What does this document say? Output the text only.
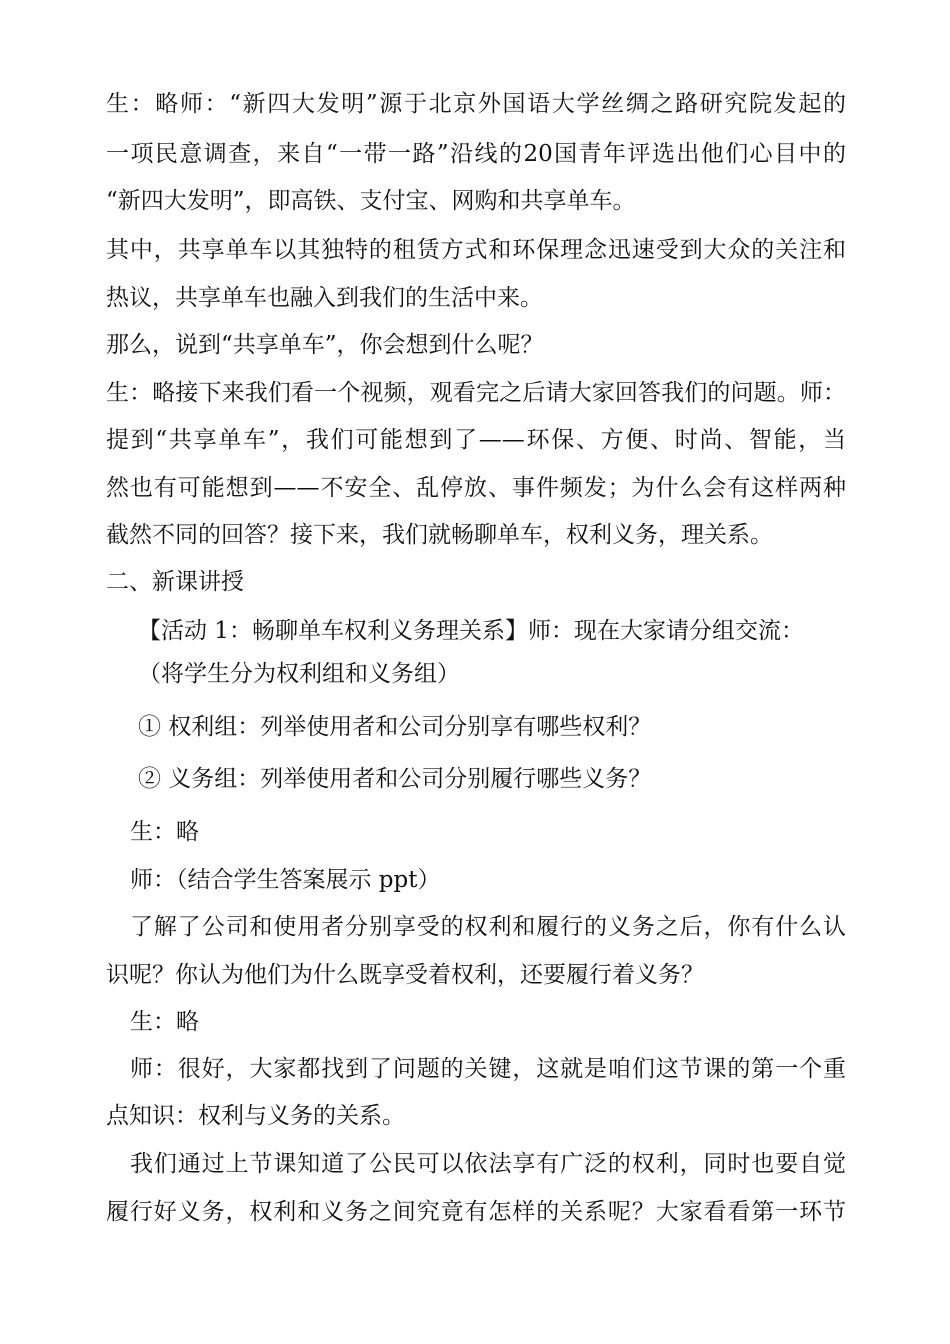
生：略师：“新四大发明”源于北京外国语大学丝绸之路研究院发起的
一项民意调查，来自“一带一路”沿线的20国青年评选出他们心目中的
“新四大发明”，即高铁、支付宝、网购和共享单车。
其中，共享单车以其独特的租赁方式和环保理念迅速受到大众的关注和
热议，共享单车也融入到我们的生活中来。
那么，说到“共享单车”，你会想到什么呢？
生：略接下来我们看一个视频，观看完之后请大家回答我们的问题。师：
提到“共享单车”，我们可能想到了——环保、方便、时尚、智能，当
然也有可能想到——不安全、乱停放、事件频发；为什么会有这样两种
截然不同的回答？接下来，我们就畅聊单车，权利义务，理关系。
二、新课讲授
【活动 1：畅聊单车权利义务理关系】师：现在大家请分组交流：
（将学生分为权利组和义务组）
① 权利组：列举使用者和公司分别享有哪些权利？
② 义务组：列举使用者和公司分别履行哪些义务？
生：略
师：（结合学生答案展示 ppt）
了解了公司和使用者分别享受的权利和履行的义务之后，你有什么认
识呢？你认为他们为什么既享受着权利，还要履行着义务？
生：略
师：很好，大家都找到了问题的关键，这就是咱们这节课的第一个重
点知识：权利与义务的关系。
我们通过上节课知道了公民可以依法享有广泛的权利，同时也要自觉
履行好义务，权利和义务之间究竟有怎样的关系呢？大家看看第一环节
